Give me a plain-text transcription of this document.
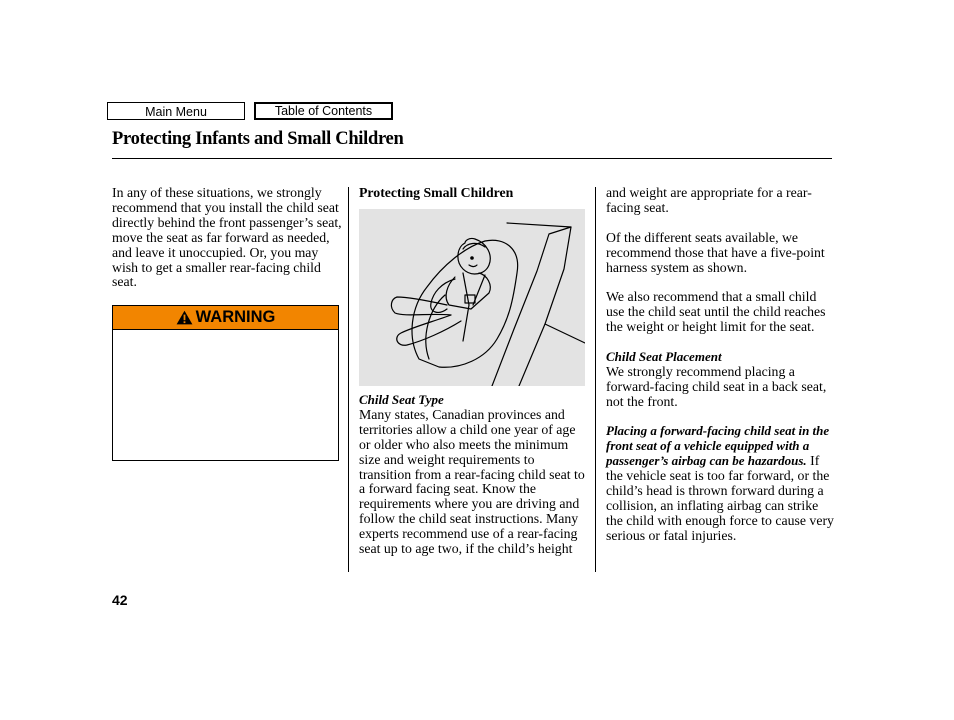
Main Menu	Table of Contents
Protecting Infants and Small Children

In any of these situations, we strongly recommend that you install the child seat directly behind the front passenger’s seat, move the seat as far forward as needed, and leave it unoccupied. Or, you may wish to get a smaller rear-facing child seat.

WARNING

Protecting Small Children

Child Seat Type

Many states, Canadian provinces and territories allow a child one year of age or older who also meets the minimum size and weight requirements to transition from a rear-facing child seat to a forward facing seat. Know the requirements where you are driving and follow the child seat instructions. Many experts recommend use of a rear-facing seat up to age two, if the child’s height

and weight are appropriate for a rear-facing seat.

Of the different seats available, we recommend those that have a five-point harness system as shown.

We also recommend that a small child use the child seat until the child reaches the weight or height limit for the seat.

Child Seat Placement

We strongly recommend placing a forward-facing child seat in a back seat, not the front.

Placing a forward-facing child seat in the front seat of a vehicle equipped with a passenger’s airbag can be hazardous. If the vehicle seat is too far forward, or the child’s head is thrown forward during a collision, an inflating airbag can strike the child with enough force to cause very serious or fatal injuries.

42
